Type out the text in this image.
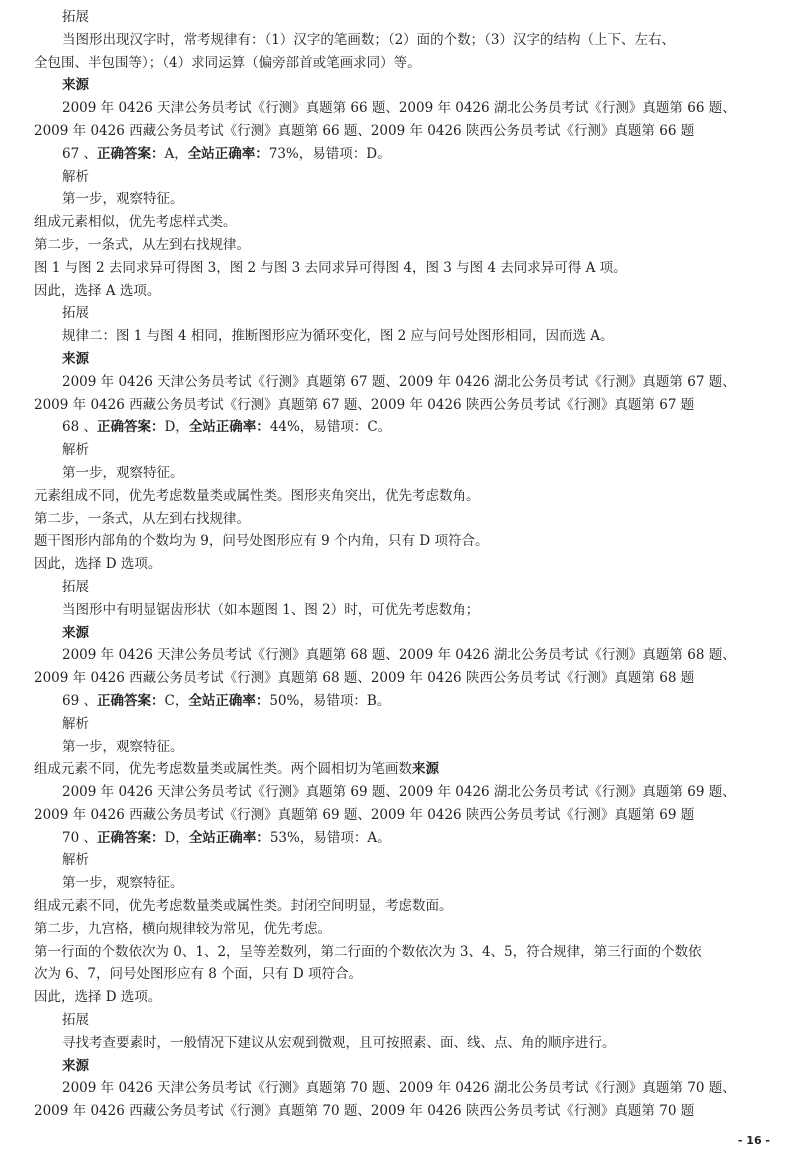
拓展
当图形出现汉字时，常考规律有：（1）汉字的笔画数；（2）面的个数；（3）汉字的结构（上下、左右、
全包围、半包围等）；（4）求同运算（偏旁部首或笔画求同）等。
来源
2009 年 0426 天津公务员考试《行测》真题第 66 题、2009 年 0426 湖北公务员考试《行测》真题第 66 题、
2009 年 0426 西藏公务员考试《行测》真题第 66 题、2009 年 0426 陕西公务员考试《行测》真题第 66 题
67 、正确答案：A，全站正确率：73%，易错项：D。
解析
第一步，观察特征。
组成元素相似，优先考虑样式类。
第二步，一条式，从左到右找规律。
图 1 与图 2 去同求异可得图 3，图 2 与图 3 去同求异可得图 4，图 3 与图 4 去同求异可得 A 项。
因此，选择 A 选项。
拓展
规律二：图 1 与图 4 相同，推断图形应为循环变化，图 2 应与问号处图形相同，因而选 A。
来源
2009 年 0426 天津公务员考试《行测》真题第 67 题、2009 年 0426 湖北公务员考试《行测》真题第 67 题、
2009 年 0426 西藏公务员考试《行测》真题第 67 题、2009 年 0426 陕西公务员考试《行测》真题第 67 题
68 、正确答案：D，全站正确率：44%，易错项：C。
解析
第一步，观察特征。
元素组成不同，优先考虑数量类或属性类。图形夹角突出，优先考虑数角。
第二步，一条式，从左到右找规律。
题干图形内部角的个数均为 9，问号处图形应有 9 个内角，只有 D 项符合。
因此，选择 D 选项。
拓展
当图形中有明显锯齿形状（如本题图 1、图 2）时，可优先考虑数角；
来源
2009 年 0426 天津公务员考试《行测》真题第 68 题、2009 年 0426 湖北公务员考试《行测》真题第 68 题、
2009 年 0426 西藏公务员考试《行测》真题第 68 题、2009 年 0426 陕西公务员考试《行测》真题第 68 题
69 、正确答案：C，全站正确率：50%，易错项：B。
解析
第一步，观察特征。
组成元素不同，优先考虑数量类或属性类。两个圆相切为笔画数来源
2009 年 0426 天津公务员考试《行测》真题第 69 题、2009 年 0426 湖北公务员考试《行测》真题第 69 题、
2009 年 0426 西藏公务员考试《行测》真题第 69 题、2009 年 0426 陕西公务员考试《行测》真题第 69 题
70 、正确答案：D，全站正确率：53%，易错项：A。
解析
第一步，观察特征。
组成元素不同，优先考虑数量类或属性类。封闭空间明显，考虑数面。
第二步，九宫格，横向规律较为常见，优先考虑。
第一行面的个数依次为 0、1、2，呈等差数列，第二行面的个数依次为 3、4、5，符合规律，第三行面的个数依
次为 6、7，问号处图形应有 8 个面，只有 D 项符合。
因此，选择 D 选项。
拓展
寻找考查要素时，一般情况下建议从宏观到微观，且可按照素、面、线、点、角的顺序进行。
来源
2009 年 0426 天津公务员考试《行测》真题第 70 题、2009 年 0426 湖北公务员考试《行测》真题第 70 题、
2009 年 0426 西藏公务员考试《行测》真题第 70 题、2009 年 0426 陕西公务员考试《行测》真题第 70 题
- 16 -
